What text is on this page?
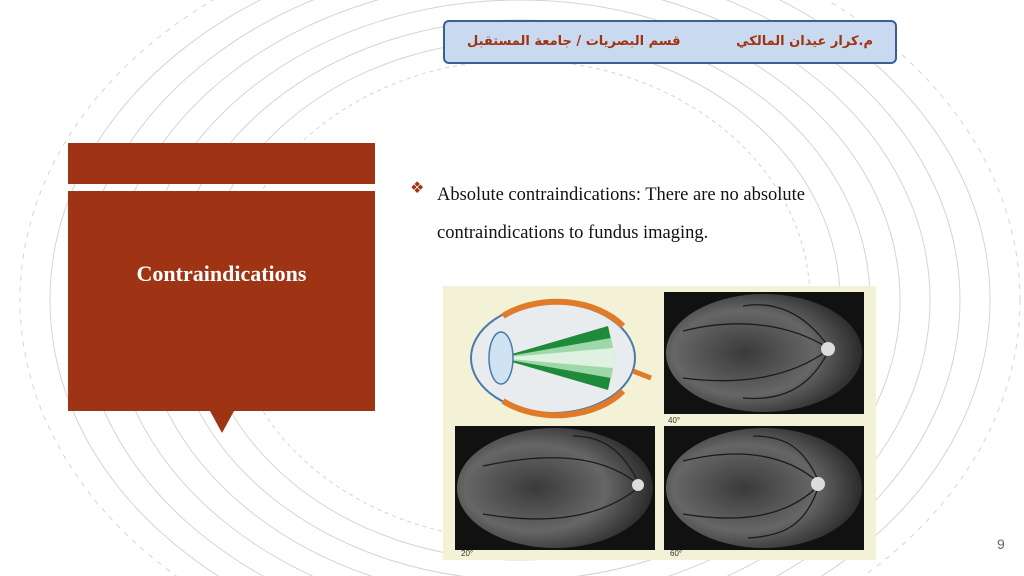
قسم البصريات / جامعة المستقبل	م.كرار عيدان المالكي
Contraindications
❖ Absolute contraindications: There are no absolute
contraindications to fundus imaging.
40°
20°	60°
9
